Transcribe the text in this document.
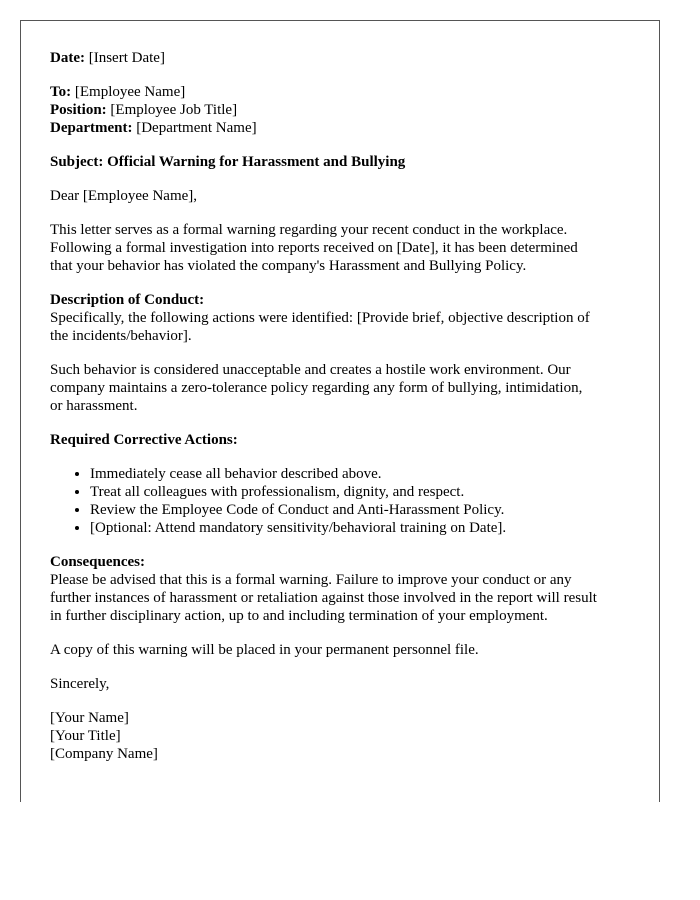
Date: [Insert Date]
To: [Employee Name]
Position: [Employee Job Title]
Department: [Department Name]
Subject: Official Warning for Harassment and Bullying
Dear [Employee Name],
This letter serves as a formal warning regarding your recent conduct in the workplace.
Following a formal investigation into reports received on [Date], it has been determined
that your behavior has violated the company's Harassment and Bullying Policy.
Description of Conduct:
Specifically, the following actions were identified: [Provide brief, objective description of
the incidents/behavior].
Such behavior is considered unacceptable and creates a hostile work environment. Our
company maintains a zero-tolerance policy regarding any form of bullying, intimidation,
or harassment.
Required Corrective Actions:
• Immediately cease all behavior described above.
• Treat all colleagues with professionalism, dignity, and respect.
• Review the Employee Code of Conduct and Anti-Harassment Policy.
• [Optional: Attend mandatory sensitivity/behavioral training on Date].
Consequences:
Please be advised that this is a formal warning. Failure to improve your conduct or any
further instances of harassment or retaliation against those involved in the report will result
in further disciplinary action, up to and including termination of your employment.
A copy of this warning will be placed in your permanent personnel file.
Sincerely,
[Your Name]
[Your Title]
[Company Name]
